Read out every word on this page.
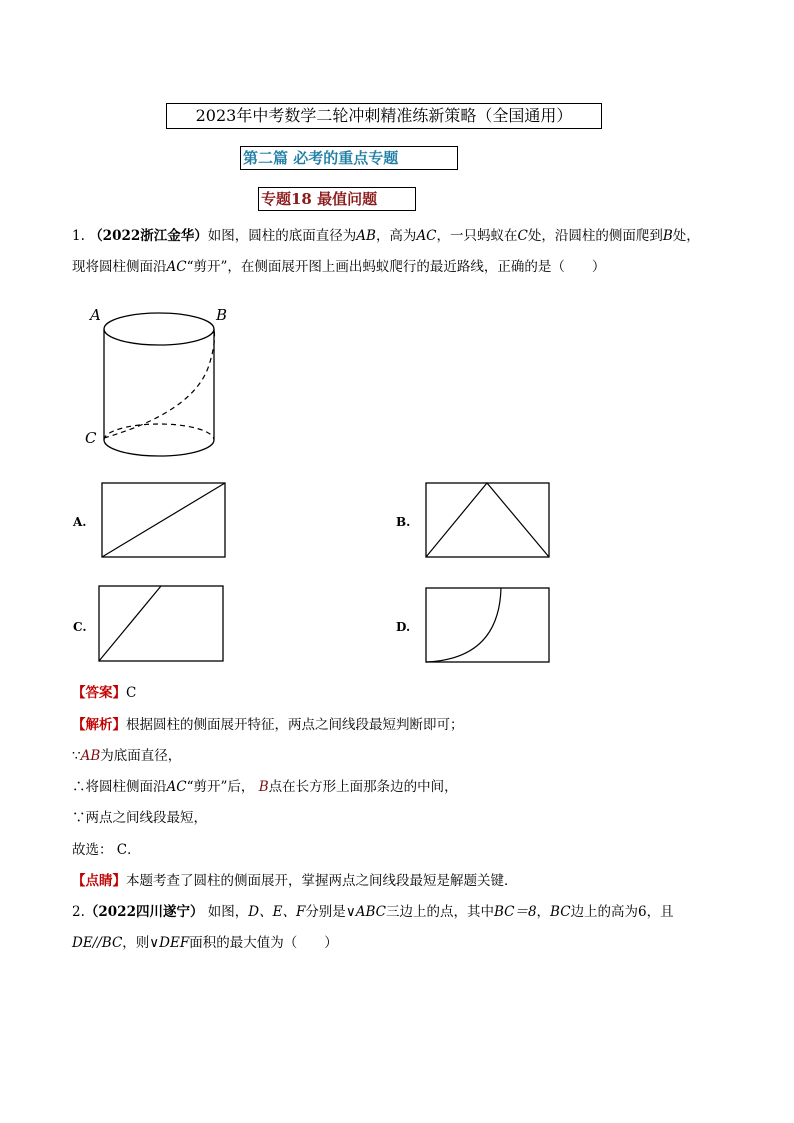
2023年中考数学二轮冲刺精准练新策略（全国通用）
第二篇 必考的重点专题
专题18 最值问题
1. （2022浙江金华）如图，圆柱的底面直径为AB，高为AC，一只蚂蚁在C处，沿圆柱的侧面爬到B处，
现将圆柱侧面沿AC“剪开”，在侧面展开图上画出蚂蚁爬行的最近路线，正确的是（　　）
A	B
C
A.	B.
C.	D.
【答案】C
【解析】根据圆柱的侧面展开特征，两点之间线段最短判断即可；
∵AB为底面直径，
∴将圆柱侧面沿AC“剪开”后， B点在长方形上面那条边的中间，
∵两点之间线段最短，
故选： C．
【点睛】本题考查了圆柱的侧面展开，掌握两点之间线段最短是解题关键．
2.（2022四川遂宁） 如图，D、E、F分别是∨ABC三边上的点，其中BC＝8，BC边上的高为6，且
DE//BC，则∨DEF面积的最大值为（　　）
